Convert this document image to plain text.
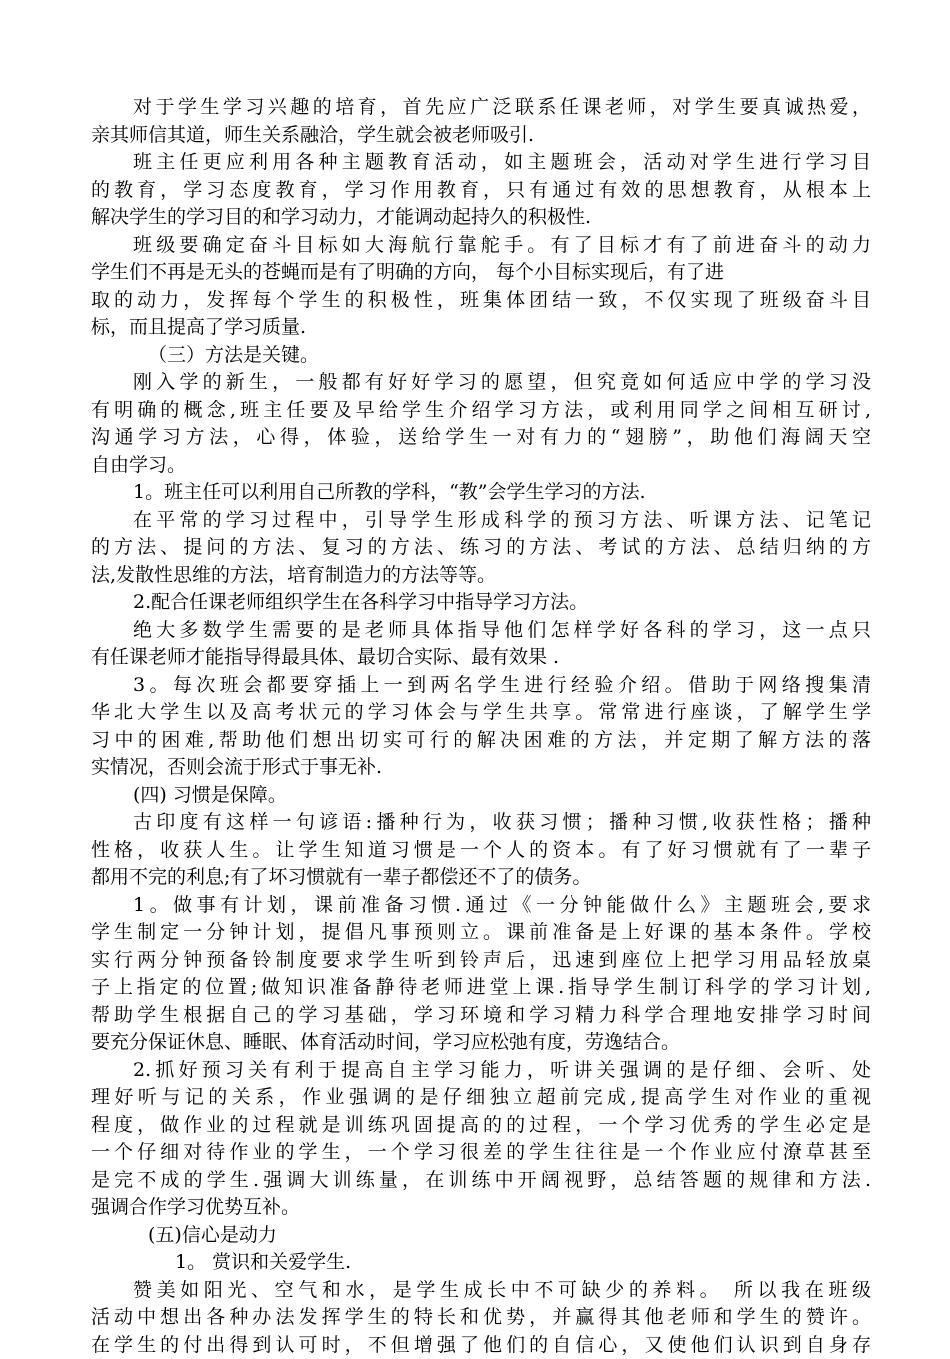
对于学生学习兴趣的培育，首先应广泛联系任课老师，对学生要真诚热爱，
亲其师信其道，师生关系融洽，学生就会被老师吸引.
班主任更应利用各种主题教育活动，如主题班会，活动对学生进行学习目
的教育，学习态度教育，学习作用教育，只有通过有效的思想教育，从根本上
解决学生的学习目的和学习动力，才能调动起持久的积极性.
班级要确定奋斗目标如大海航行靠舵手。有了目标才有了前进奋斗的动力
学生们不再是无头的苍蝇而是有了明确的方向， 每个小目标实现后，有了进
取的动力，发挥每个学生的积极性，班集体团结一致，不仅实现了班级奋斗目
标，而且提高了学习质量.
（三）方法是关键。
刚入学的新生，一般都有好好学习的愿望，但究竟如何适应中学的学习没
有明确的概念,班主任要及早给学生介绍学习方法，或利用同学之间相互研讨,
沟通学习方法，心得，体验，送给学生一对有力的“翅膀”，助他们海阔天空
自由学习。
1。班主任可以利用自己所教的学科，“教”会学生学习的方法.
在平常的学习过程中，引导学生形成科学的预习方法、听课方法、记笔记
的方法、提问的方法、复习的方法、练习的方法、考试的方法、总结归纳的方
法,发散性思维的方法，培育制造力的方法等等。
2.配合任课老师组织学生在各科学习中指导学习方法。
绝大多数学生需要的是老师具体指导他们怎样学好各科的学习，这一点只
有任课老师才能指导得最具体、最切合实际、最有效果 .
3。每次班会都要穿插上一到两名学生进行经验介绍。借助于网络搜集清
华北大学生以及高考状元的学习体会与学生共享。常常进行座谈，了解学生学
习中的困难,帮助他们想出切实可行的解决困难的方法，并定期了解方法的落
实情况，否则会流于形式于事无补.
(四) 习惯是保障。
古印度有这样一句谚语:播种行为，收获习惯；播种习惯,收获性格；播种
性格，收获人生。让学生知道习惯是一个人的资本。有了好习惯就有了一辈子
都用不完的利息;有了坏习惯就有一辈子都偿还不了的债务。
1。做事有计划，课前准备习惯.通过《一分钟能做什么》主题班会,要求
学生制定一分钟计划，提倡凡事预则立。课前准备是上好课的基本条件。学校
实行两分钟预备铃制度要求学生听到铃声后，迅速到座位上把学习用品轻放桌
子上指定的位置;做知识准备静待老师进堂上课.指导学生制订科学的学习计划,
帮助学生根据自己的学习基础，学习环境和学习精力科学合理地安排学习时间
要充分保证休息、睡眠、体育活动时间，学习应松弛有度，劳逸结合。
2.抓好预习关有利于提高自主学习能力，听讲关强调的是仔细、会听、处
理好听与记的关系，作业强调的是仔细独立超前完成,提高学生对作业的重视
程度，做作业的过程就是训练巩固提高的的过程，一个学习优秀的学生必定是
一个仔细对待作业的学生，一个学习很差的学生往往是一个作业应付潦草甚至
是完不成的学生.强调大训练量，在训练中开阔视野，总结答题的规律和方法.
强调合作学习优势互补。
(五)信心是动力
1。 赏识和关爱学生.
赞美如阳光、空气和水，是学生成长中不可缺少的养料。 所以我在班级
活动中想出各种办法发挥学生的特长和优势，并赢得其他老师和学生的赞许。
在学生的付出得到认可时，不但增强了他们的自信心，又使他们认识到自身存
